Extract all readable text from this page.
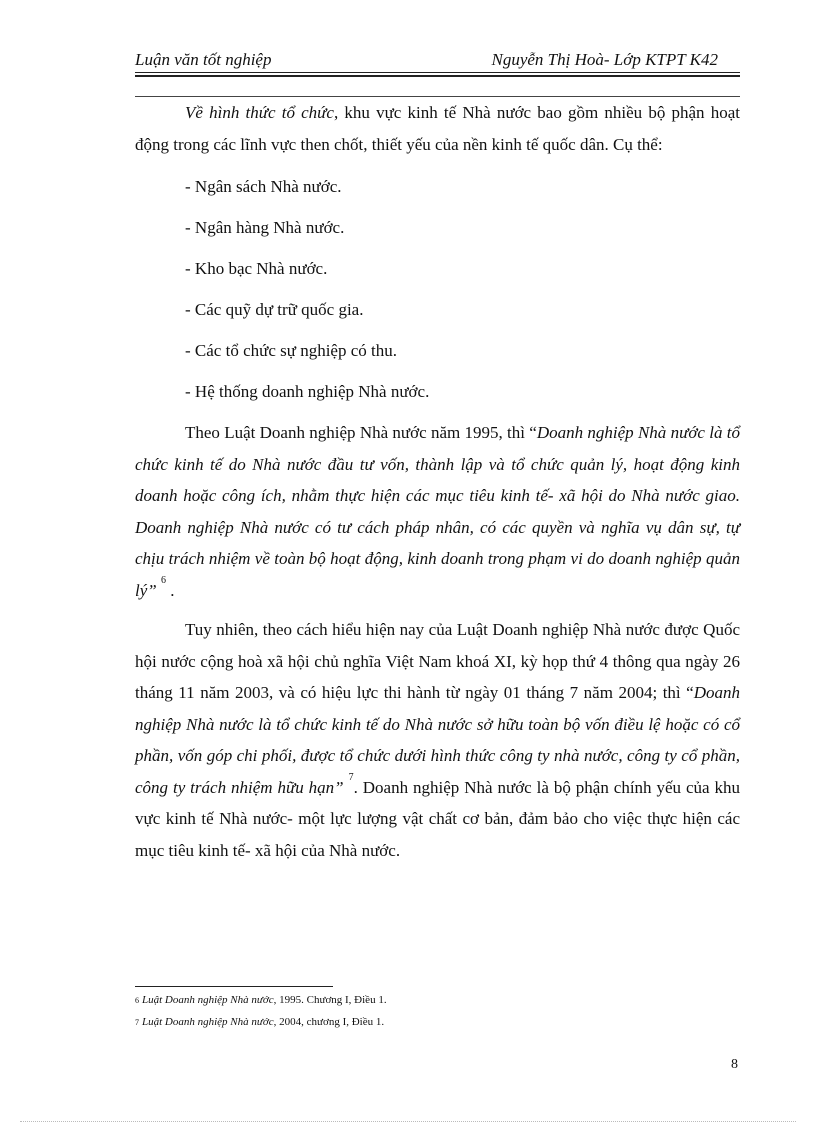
Luận văn tốt nghiệp	Nguyễn Thị Hoà- Lớp KTPT K42

Về hình thức tổ chức, khu vực kinh tế Nhà nước bao gồm nhiều bộ phận hoạt động trong các lĩnh vực then chốt, thiết yếu của nền kinh tế quốc dân. Cụ thể:

- Ngân sách Nhà nước.

- Ngân hàng Nhà nước.

- Kho bạc Nhà nước.

- Các quỹ dự trữ quốc gia.

- Các tổ chức sự nghiệp có thu.

- Hệ thống doanh nghiệp Nhà nước.

Theo Luật Doanh nghiệp Nhà nước năm 1995, thì “Doanh nghiệp Nhà nước là tổ chức kinh tế do Nhà nước đầu tư vốn, thành lập và tổ chức quản lý, hoạt động kinh doanh hoặc công ích, nhằm thực hiện các mục tiêu kinh tế- xã hội do Nhà nước giao. Doanh nghiệp Nhà nước có tư cách pháp nhân, có các quyền và nghĩa vụ dân sự, tự chịu trách nhiệm về toàn bộ hoạt động, kinh doanh trong phạm vi do doanh nghiệp quản lý” $^6$ .

Tuy nhiên, theo cách hiểu hiện nay của Luật Doanh nghiệp Nhà nước được Quốc hội nước cộng hoà xã hội chủ nghĩa Việt Nam khoá XI, kỳ họp thứ 4 thông qua ngày 26 tháng 11 năm 2003, và có hiệu lực thi hành từ ngày 01 tháng 7 năm 2004; thì “Doanh nghiệp Nhà nước là tổ chức kinh tế do Nhà nước sở hữu toàn bộ vốn điều lệ hoặc có cổ phần, vốn góp chi phối, được tổ chức dưới hình thức công ty nhà nước, công ty cổ phần, công ty trách nhiệm hữu hạn” $^7$. Doanh nghiệp Nhà nước là bộ phận chính yếu của khu vực kinh tế Nhà nước- một lực lượng vật chất cơ bản, đảm bảo cho việc thực hiện các mục tiêu kinh tế- xã hội của Nhà nước.

6 Luật Doanh nghiệp Nhà nước, 1995. Chương I, Điều 1.
7 Luật Doanh nghiệp Nhà nước, 2004, chương I, Điều 1.
8
